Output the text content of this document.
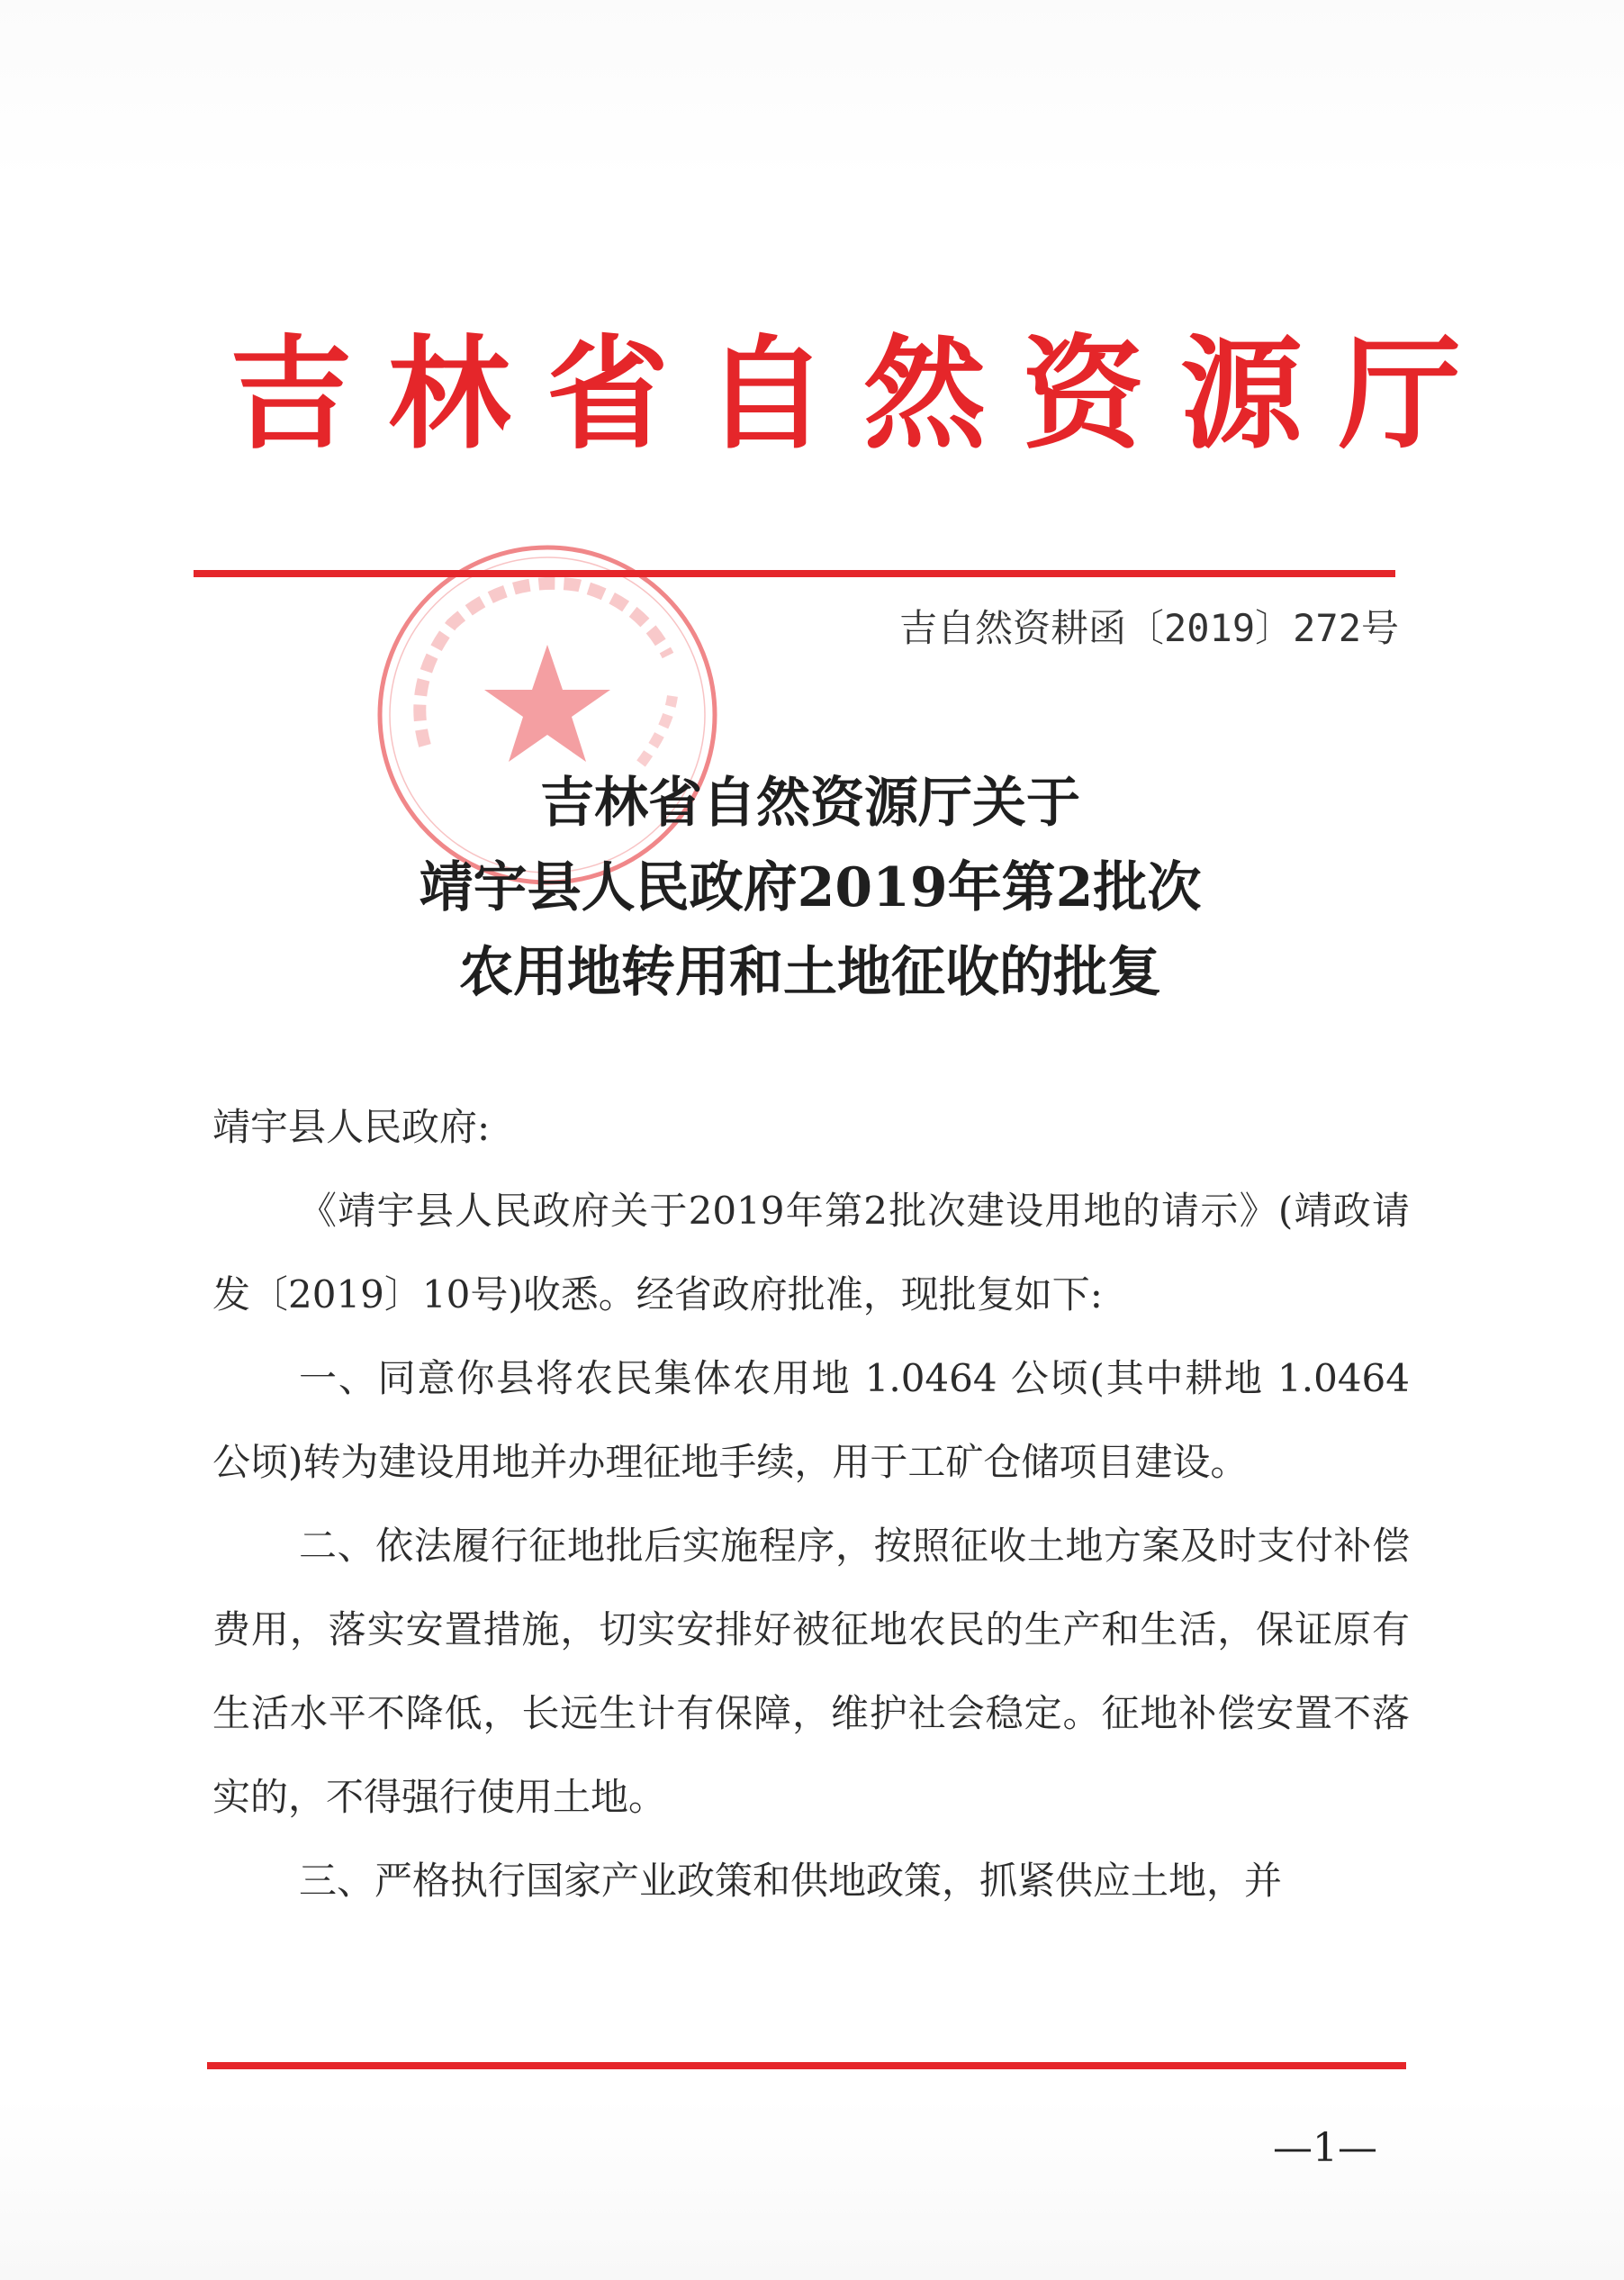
吉林省自然资源厅
吉自然资耕函〔2019〕272号
吉林省自然资源厅关于
靖宇县人民政府2019年第2批次
农用地转用和土地征收的批复

靖宇县人民政府:

《靖宇县人民政府关于2019年第2批次建设用地的请示》(靖政请发〔2019〕10号)收悉。经省政府批准，现批复如下:

一、同意你县将农民集体农用地 1.0464 公顷(其中耕地 1.0464 公顷)转为建设用地并办理征地手续，用于工矿仓储项目建设。

二、依法履行征地批后实施程序，按照征收土地方案及时支付补偿费用，落实安置措施，切实安排好被征地农民的生产和生活，保证原有生活水平不降低，长远生计有保障，维护社会稳定。征地补偿安置不落实的，不得强行使用土地。

三、严格执行国家产业政策和供地政策，抓紧供应土地，并

—1—
